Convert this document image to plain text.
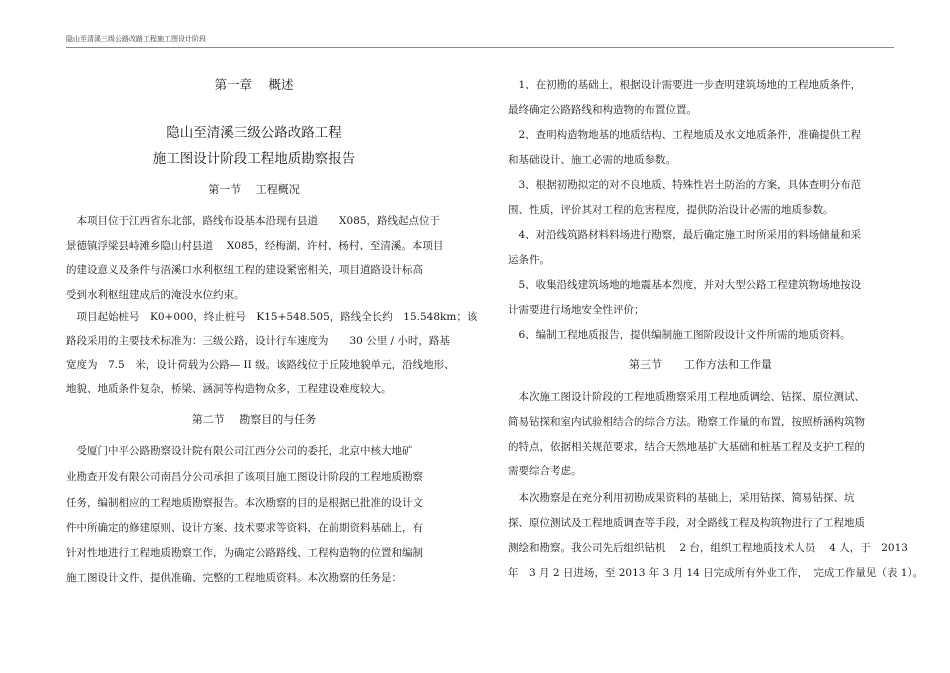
隐山至清溪三级公路改路工程施工图设计阶段
第一章　 概述
隐山至清溪三级公路改路工程
施工图设计阶段工程地质勘察报告
第一节　 工程概况
　本项目位于江西省东北部，路线布设基本沿现有县道　　X085，路线起点位于
景德镇浮梁县峙滩乡隐山村县道　 X085，经梅湖、许村、杨村、至清溪。本项目
的建设意义及条件与浯溪口水利枢纽工程的建设紧密相关，项目道路设计标高
受到水利枢纽建成后的淹没水位约束。
　项目起始桩号　K0+000，终止桩号　K15+548.505，路线全长约　15.548km；该
路段采用的主要技术标准为：三级公路，设计行车速度为　　30 公里 / 小时，路基
宽度为　7.5　米，设计荷载为公路— II 级。该路线位于丘陵地貌单元，沿线地形、
地貌、地质条件复杂，桥梁、涵洞等构造物众多，工程建设难度较大。
第二节　 勘察目的与任务
　受厦门中平公路勘察设计院有限公司江西分公司的委托，北京中核大地矿
业勘查开发有限公司南昌分公司承担了该项目施工图设计阶段的工程地质勘察
任务，编制相应的工程地质勘察报告。本次勘察的目的是根据已批准的设计文
件中所确定的修建原则、设计方案、技术要求等资料，在前期资料基础上，有
针对性地进行工程地质勘察工作，为确定公路路线、工程构造物的位置和编制
施工图设计文件，提供准确、完整的工程地质资料。本次勘察的任务是：
　1、在初勘的基础上，根据设计需要进一步查明建筑场地的工程地质条件，
最终确定公路路线和构造物的布置位置。
　2、查明构造物地基的地质结构、工程地质及水文地质条件，准确提供工程
和基础设计、施工必需的地质参数。
　3、根据初勘拟定的对不良地质、特殊性岩土防治的方案，具体查明分布范
围、性质，评价其对工程的危害程度，提供防治设计必需的地质参数。
　4、对沿线筑路材料料场进行勘察，最后确定施工时所采用的料场储量和采
运条件。
　5、收集沿线建筑场地的地震基本烈度，并对大型公路工程建筑物场地按设
计需要进行场地安全性评价；
　6、编制工程地质报告，提供编制施工图阶段设计文件所需的地质资料。
第三节　　工作方法和工作量
　本次施工图设计阶段的工程地质勘察采用工程地质调绘、钻探、原位测试、
简易钻探和室内试验相结合的综合方法。勘察工作量的布置，按照桥涵构筑物
的特点，依据相关规范要求，结合天然地基扩大基础和桩基工程及支护工程的
需要综合考虑。
　本次勘察是在充分利用初勘成果资料的基础上，采用钻探、简易钻探、坑
探、原位测试及工程地质调查等手段，对全路线工程及构筑物进行了工程地质
测绘和勘察。我公司先后组织钻机　 2 台，组织工程地质技术人员　 4 人，于　2013
年　3 月 2 日进场，至 2013 年 3 月 14 日完成所有外业工作，　完成工作量见（表 1）。
